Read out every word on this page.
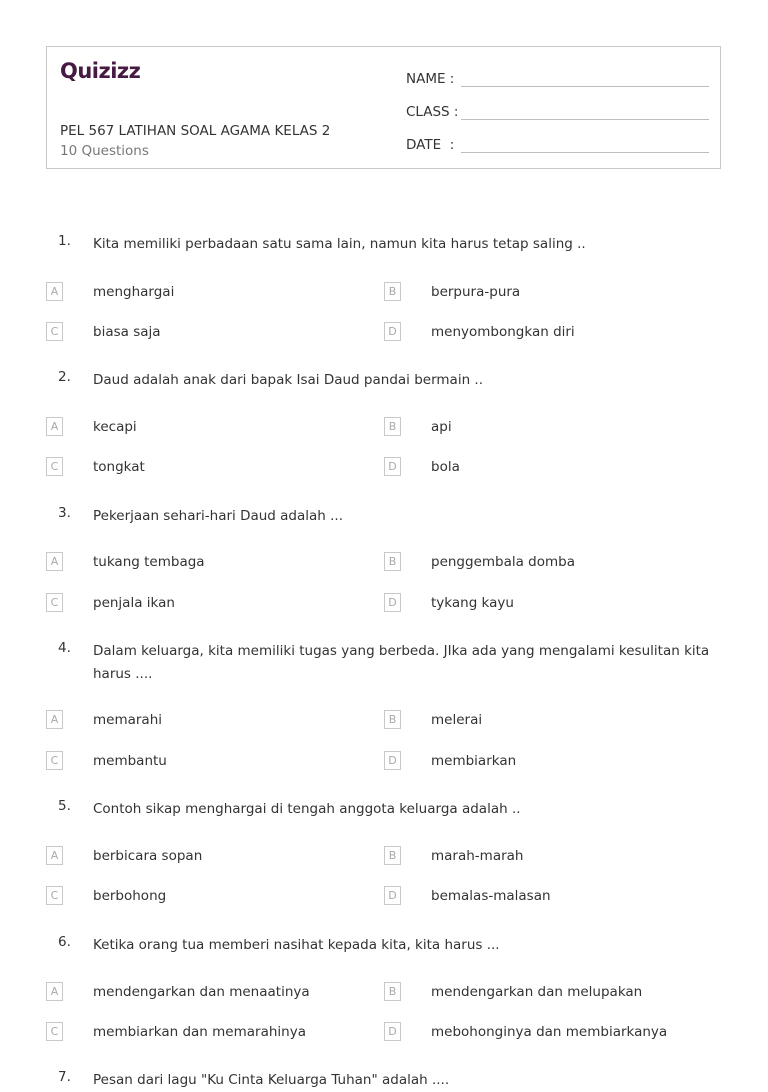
Quizizz
PEL 567 LATIHAN SOAL AGAMA KELAS 2
10 Questions
NAME :
CLASS :
DATE  :
1. Kita memiliki perbadaan satu sama lain, namun kita harus tetap saling ..
A	menghargai	B	berpura-pura
C	biasa saja	D	menyombongkan diri
2. Daud adalah anak dari bapak Isai Daud pandai bermain ..
A	kecapi	B	api
C	tongkat	D	bola
3. Pekerjaan sehari-hari Daud adalah ...
A	tukang tembaga	B	penggembala domba
C	penjala ikan	D	tykang kayu
4. Dalam keluarga, kita memiliki tugas yang berbeda. JIka ada yang mengalami kesulitan kita harus ....
A	memarahi	B	melerai
C	membantu	D	membiarkan
5. Contoh sikap menghargai di tengah anggota keluarga adalah ..
A	berbicara sopan	B	marah-marah
C	berbohong	D	bemalas-malasan
6. Ketika orang tua memberi nasihat kepada kita, kita harus ...
A	mendengarkan dan menaatinya	B	mendengarkan dan melupakan
C	membiarkan dan memarahinya	D	mebohonginya dan membiarkanya
7. Pesan dari lagu "Ku Cinta Keluarga Tuhan" adalah ....
